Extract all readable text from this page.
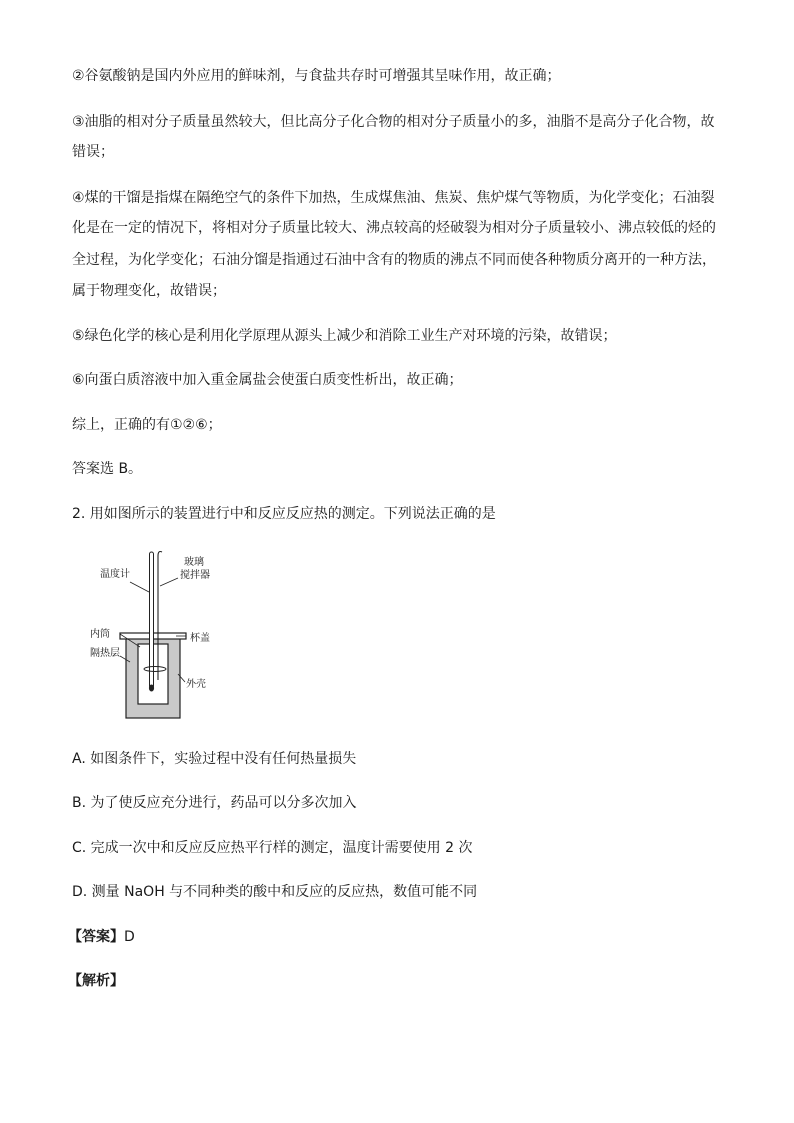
②谷氨酸钠是国内外应用的鲜味剂，与食盐共存时可增强其呈味作用，故正确；
③油脂的相对分子质量虽然较大，但比高分子化合物的相对分子质量小的多，油脂不是高分子化合物，故
错误；
④煤的干馏是指煤在隔绝空气的条件下加热，生成煤焦油、焦炭、焦炉煤气等物质，为化学变化；石油裂
化是在一定的情况下，将相对分子质量比较大、沸点较高的烃破裂为相对分子质量较小、沸点较低的烃的
全过程，为化学变化；石油分馏是指通过石油中含有的物质的沸点不同而使各种物质分离开的一种方法，
属于物理变化，故错误；
⑤绿色化学的核心是利用化学原理从源头上减少和消除工业生产对环境的污染，故错误；
⑥向蛋白质溶液中加入重金属盐会使蛋白质变性析出，故正确；
综上，正确的有①②⑥；
答案选 B。
2. 用如图所示的装置进行中和反应反应热的测定。下列说法正确的是
温度计
玻璃
搅拌器
内筒	杯盖
隔热层
外壳
A. 如图条件下，实验过程中没有任何热量损失
B. 为了使反应充分进行，药品可以分多次加入
C. 完成一次中和反应反应热平行样的测定，温度计需要使用 2 次
D. 测量 NaOH 与不同种类的酸中和反应的反应热，数值可能不同
【答案】D
【解析】
